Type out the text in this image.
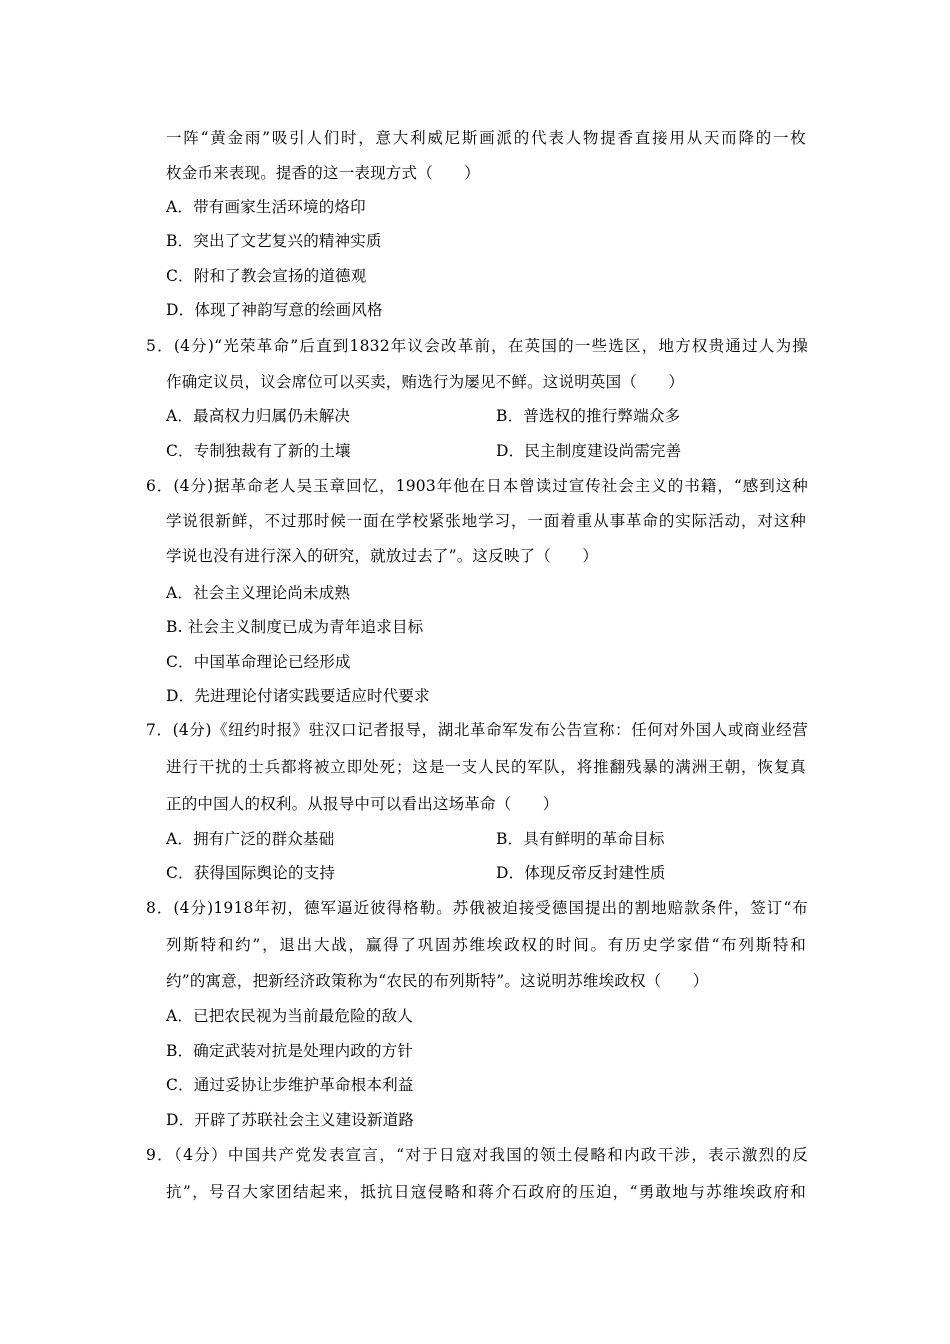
一阵“黄金雨”吸引人们时，意大利威尼斯画派的代表人物提香直接用从天而降的一枚
枚金币来表现。提香的这一表现方式（　　）
A．带有画家生活环境的烙印
B．突出了文艺复兴的精神实质
C．附和了教会宣扬的道德观
D．体现了神韵写意的绘画风格
5．(4分)“光荣革命”后直到1832年议会改革前，在英国的一些选区，地方权贵通过人为操
作确定议员，议会席位可以买卖，贿选行为屡见不鲜。这说明英国（　　）
A．最高权力归属仍未解决	B．普选权的推行弊端众多
C．专制独裁有了新的土壤	D．民主制度建设尚需完善
6．(4分)据革命老人吴玉章回忆，1903年他在日本曾读过宣传社会主义的书籍，“感到这种
学说很新鲜，不过那时候一面在学校紧张地学习，一面着重从事革命的实际活动，对这种
学说也没有进行深入的研究，就放过去了”。这反映了（　　）
A．社会主义理论尚未成熟
B. 社会主义制度已成为青年追求目标
C．中国革命理论已经形成
D．先进理论付诸实践要适应时代要求
7．(4分)《纽约时报》驻汉口记者报导，湖北革命军发布公告宣称：任何对外国人或商业经营
进行干扰的士兵都将被立即处死；这是一支人民的军队，将推翻残暴的满洲王朝，恢复真
正的中国人的权利。从报导中可以看出这场革命（　　）
A．拥有广泛的群众基础	B．具有鲜明的革命目标
C．获得国际舆论的支持	D．体现反帝反封建性质
8．(4分)1918年初，德军逼近彼得格勒。苏俄被迫接受德国提出的割地赔款条件，签订“布
列斯特和约”，退出大战，赢得了巩固苏维埃政权的时间。有历史学家借“布列斯特和
约”的寓意，把新经济政策称为“农民的布列斯特”。这说明苏维埃政权（　　）
A．已把农民视为当前最危险的敌人
B．确定武装对抗是处理内政的方针
C．通过妥协让步维护革命根本利益
D．开辟了苏联社会主义建设新道路
9．（4分）中国共产党发表宣言，“对于日寇对我国的领土侵略和内政干涉，表示激烈的反
抗”，号召大家团结起来，抵抗日寇侵略和蒋介石政府的压迫，“勇敢地与苏维埃政府和
